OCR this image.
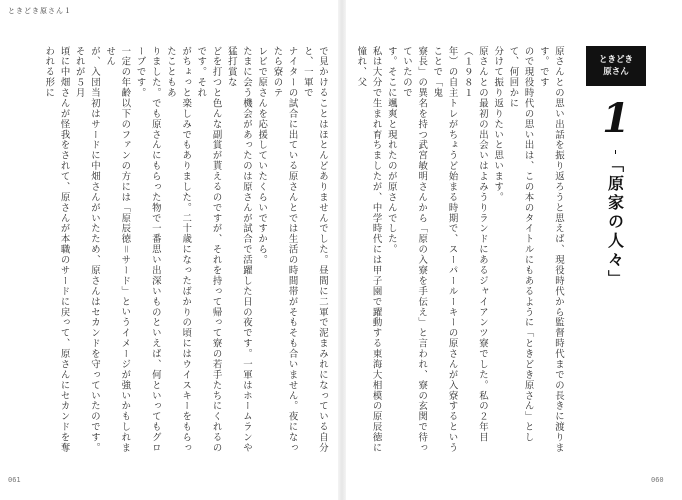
ときどき原さん１

で見かけることはほとんどありませんでした。昼間に二軍で泥まみれになっている自分と、一軍で

ナイターの試合に出ている原さんとでは生活の時間帯がそもそも合いません。夜になったら寮のテ

レビで原さんを応援していたくらいですから。

たまに会う機会があったのは原さんが試合で活躍した日の夜です。一軍はホームランや猛打賞な

どを打つと色んな副賞が貰えるのですが、それを持って帰って寮の若手たちにくれるのです。それ

がちょっと楽しみでもありました。二十歳になったばかりの頃にはウイスキーをもらったこともあ

りました。でも原さんにもらった物で一番思い出深いものといえば、何といってもグローブです。

一定の年齢以下のファンの方には「原辰徳＝サード」というイメージが強いかもしれません

が、入団当初はサードに中畑さんがいたため、原さんはセカンドを守っていたのです。それが５月

頃に中畑さんが怪我をされて、原さんが本職のサードに戻って、原さんにセカンドを奪われる形に

061

原さんとの思い出話を振り返ろうと思えば、現役時代から監督時代までの長きに渡ります。です

ので現役時代の思い出は、この本のタイトルにもあるように「ときどき原さん」として、何回かに

分けて振り返りたいと思います。

原さんとの最初の出会いはよみうりランドにあるジャイアンツ寮でした。私の２年目（１９８１

年）の自主トレがちょうど始まる時期で、スーパールーキーの原さんが入寮するということで「鬼

寮長」の異名を持つ武宮敏明さんから「原の入寮を手伝え」と言われ、寮の玄関で待っていたので

す。そこに颯爽と現れたのが原さんでした。

私は大分で生まれ育ちましたが、中学時代には甲子園で躍動する東海大相模の原辰徳に憧れ、父	ときどき
原さん
1
「原家の人々」
060
